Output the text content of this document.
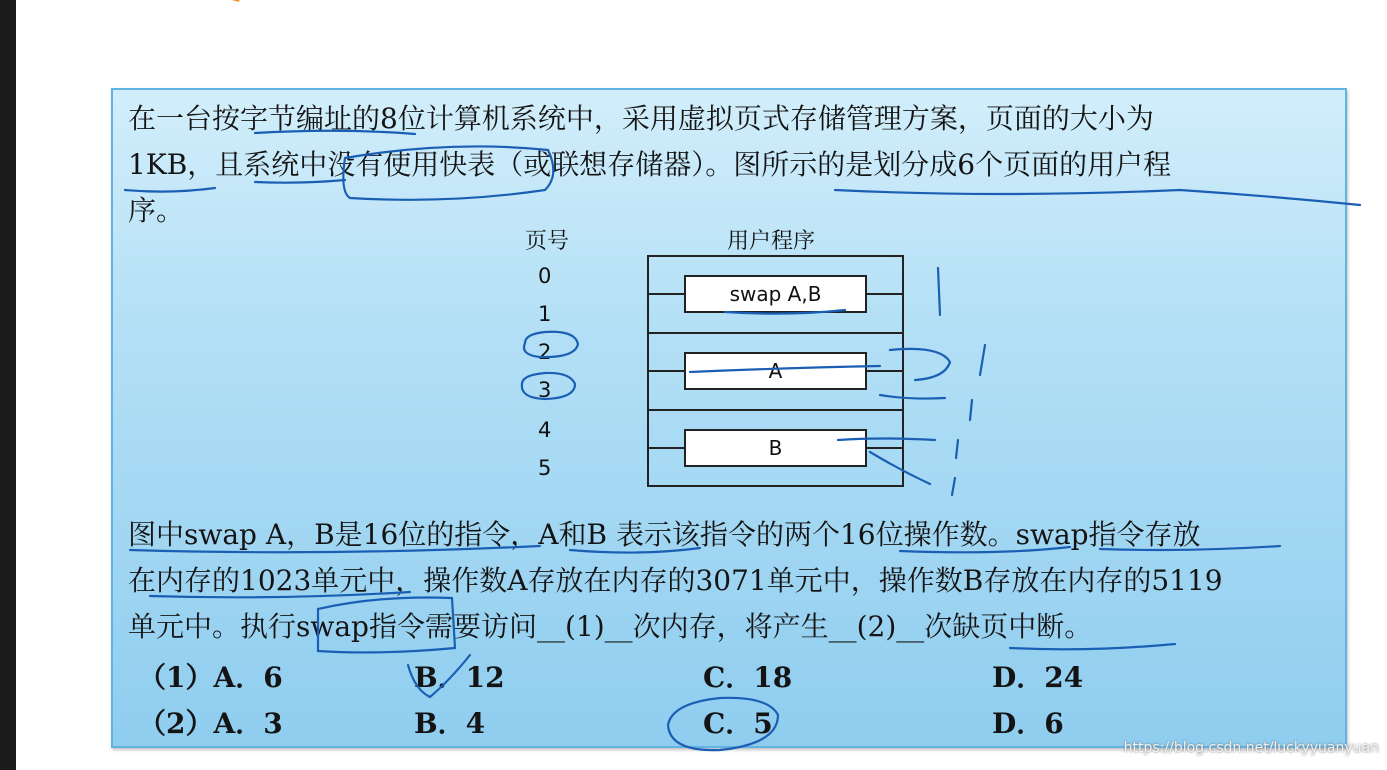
在一台按字节编址的8位计算机系统中，采用虚拟页式存储管理方案，页面的大小为
1KB，且系统中没有使用快表（或联想存储器）。图所示的是划分成6个页面的用户程
序。
页号	用户程序
0
1
2
3
4
5
swap A,B
A
B
图中swap A，B是16位的指令，A和B 表示该指令的两个16位操作数。swap指令存放
在内存的1023单元中，操作数A存放在内存的3071单元中，操作数B存放在内存的5119
单元中。执行swap指令需要访问__(1)__次内存，将产生__(2)__次缺页中断。
（1）A．6	B．12	C．18	D．24
（2）A．3	B．4	C．5	D．6
https://blog.csdn.net/luckyyuanyuan
